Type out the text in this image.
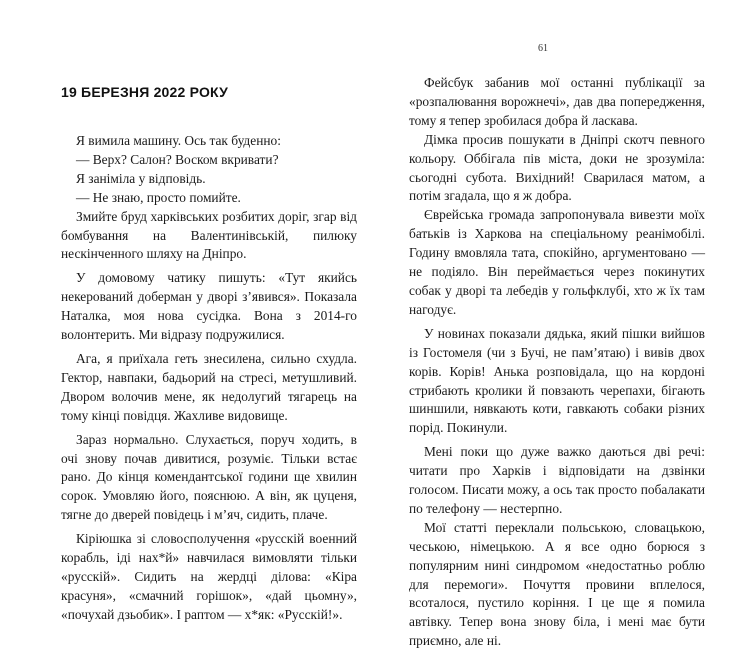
61
19 БЕРЕЗНЯ 2022 РОКУ

Я вимила машину. Ось так буденно:

— Верх? Салон? Воском вкривати?

Я заніміла у відповідь.

— Не знаю, просто помийте.

Змийте бруд харківських розбитих доріг, згар від бомбування на Валентинівській, пилюку нескінченного шляху на Дніпро.

У домовому чатику пишуть: «Тут якийсь некерований доберман у дворі з’явився». Показала Наталка, моя нова сусідка. Вона з 2014-го волонтерить. Ми відразу подружилися.

Ага, я приїхала геть знесилена, сильно схудла. Гектор, навпаки, бадьорий на стресі, метушливий. Двором волочив мене, як недолугий тягарець на тому кінці повідця. Жахливе видовище.

Зараз нормально. Слухається, поруч ходить, в очі знову почав дивитися, розуміє. Тільки встає рано. До кінця комендантської години ще хвилин сорок. Умовляю його, пояснюю. А він, як цуценя, тягне до дверей повідець і м’яч, сидить, плаче.

Кіріюшка зі словосполучення «русскій военний корабль, іді нах*й» навчилася вимовляти тільки «русскій». Сидить на жердці ділова: «Кіра красуня», «смачний горішок», «дай цьомну», «почухай дзьобик». І раптом — х*як: «Русскій!».

Фейсбук забанив мої останні публікації за «розпалювання ворожнечі», дав два попередження, тому я тепер зробилася добра й ласкава.

Дімка просив пошукати в Дніпрі скотч певного кольору. Оббігала пів міста, доки не зрозуміла: сьогодні субота. Вихідний! Сварилася матом, а потім згадала, що я ж добра.

Єврейська громада запропонувала вивезти моїх батьків із Харкова на спеціальному реанімобілі. Годину вмовляла тата, спокійно, аргументовано — не подіяло. Він переймається через покинутих собак у дворі та лебедів у гольфклубі, хто ж їх там нагодує.

У новинах показали дядька, який пішки вийшов із Гостомеля (чи з Бучі, не пам’ятаю) і вивів двох корів. Корів! Анька розповідала, що на кордоні стрибають кролики й повзають черепахи, бігають шиншили, нявкають коти, гавкають собаки різних порід. Покинули.

Мені поки що дуже важко даються дві речі: читати про Харків і відповідати на дзвінки голосом. Писати можу, а ось так просто побалакати по телефону — нестерпно.

Мої статті переклали польською, словацькою, чеською, німецькою. А я все одно борюся з популярним нині синдромом «недостатньо роблю для перемоги». Почуття провини вплелося, всоталося, пустило коріння. І це ще я помила автівку. Тепер вона знову біла, і мені має бути приємно, але ні.
